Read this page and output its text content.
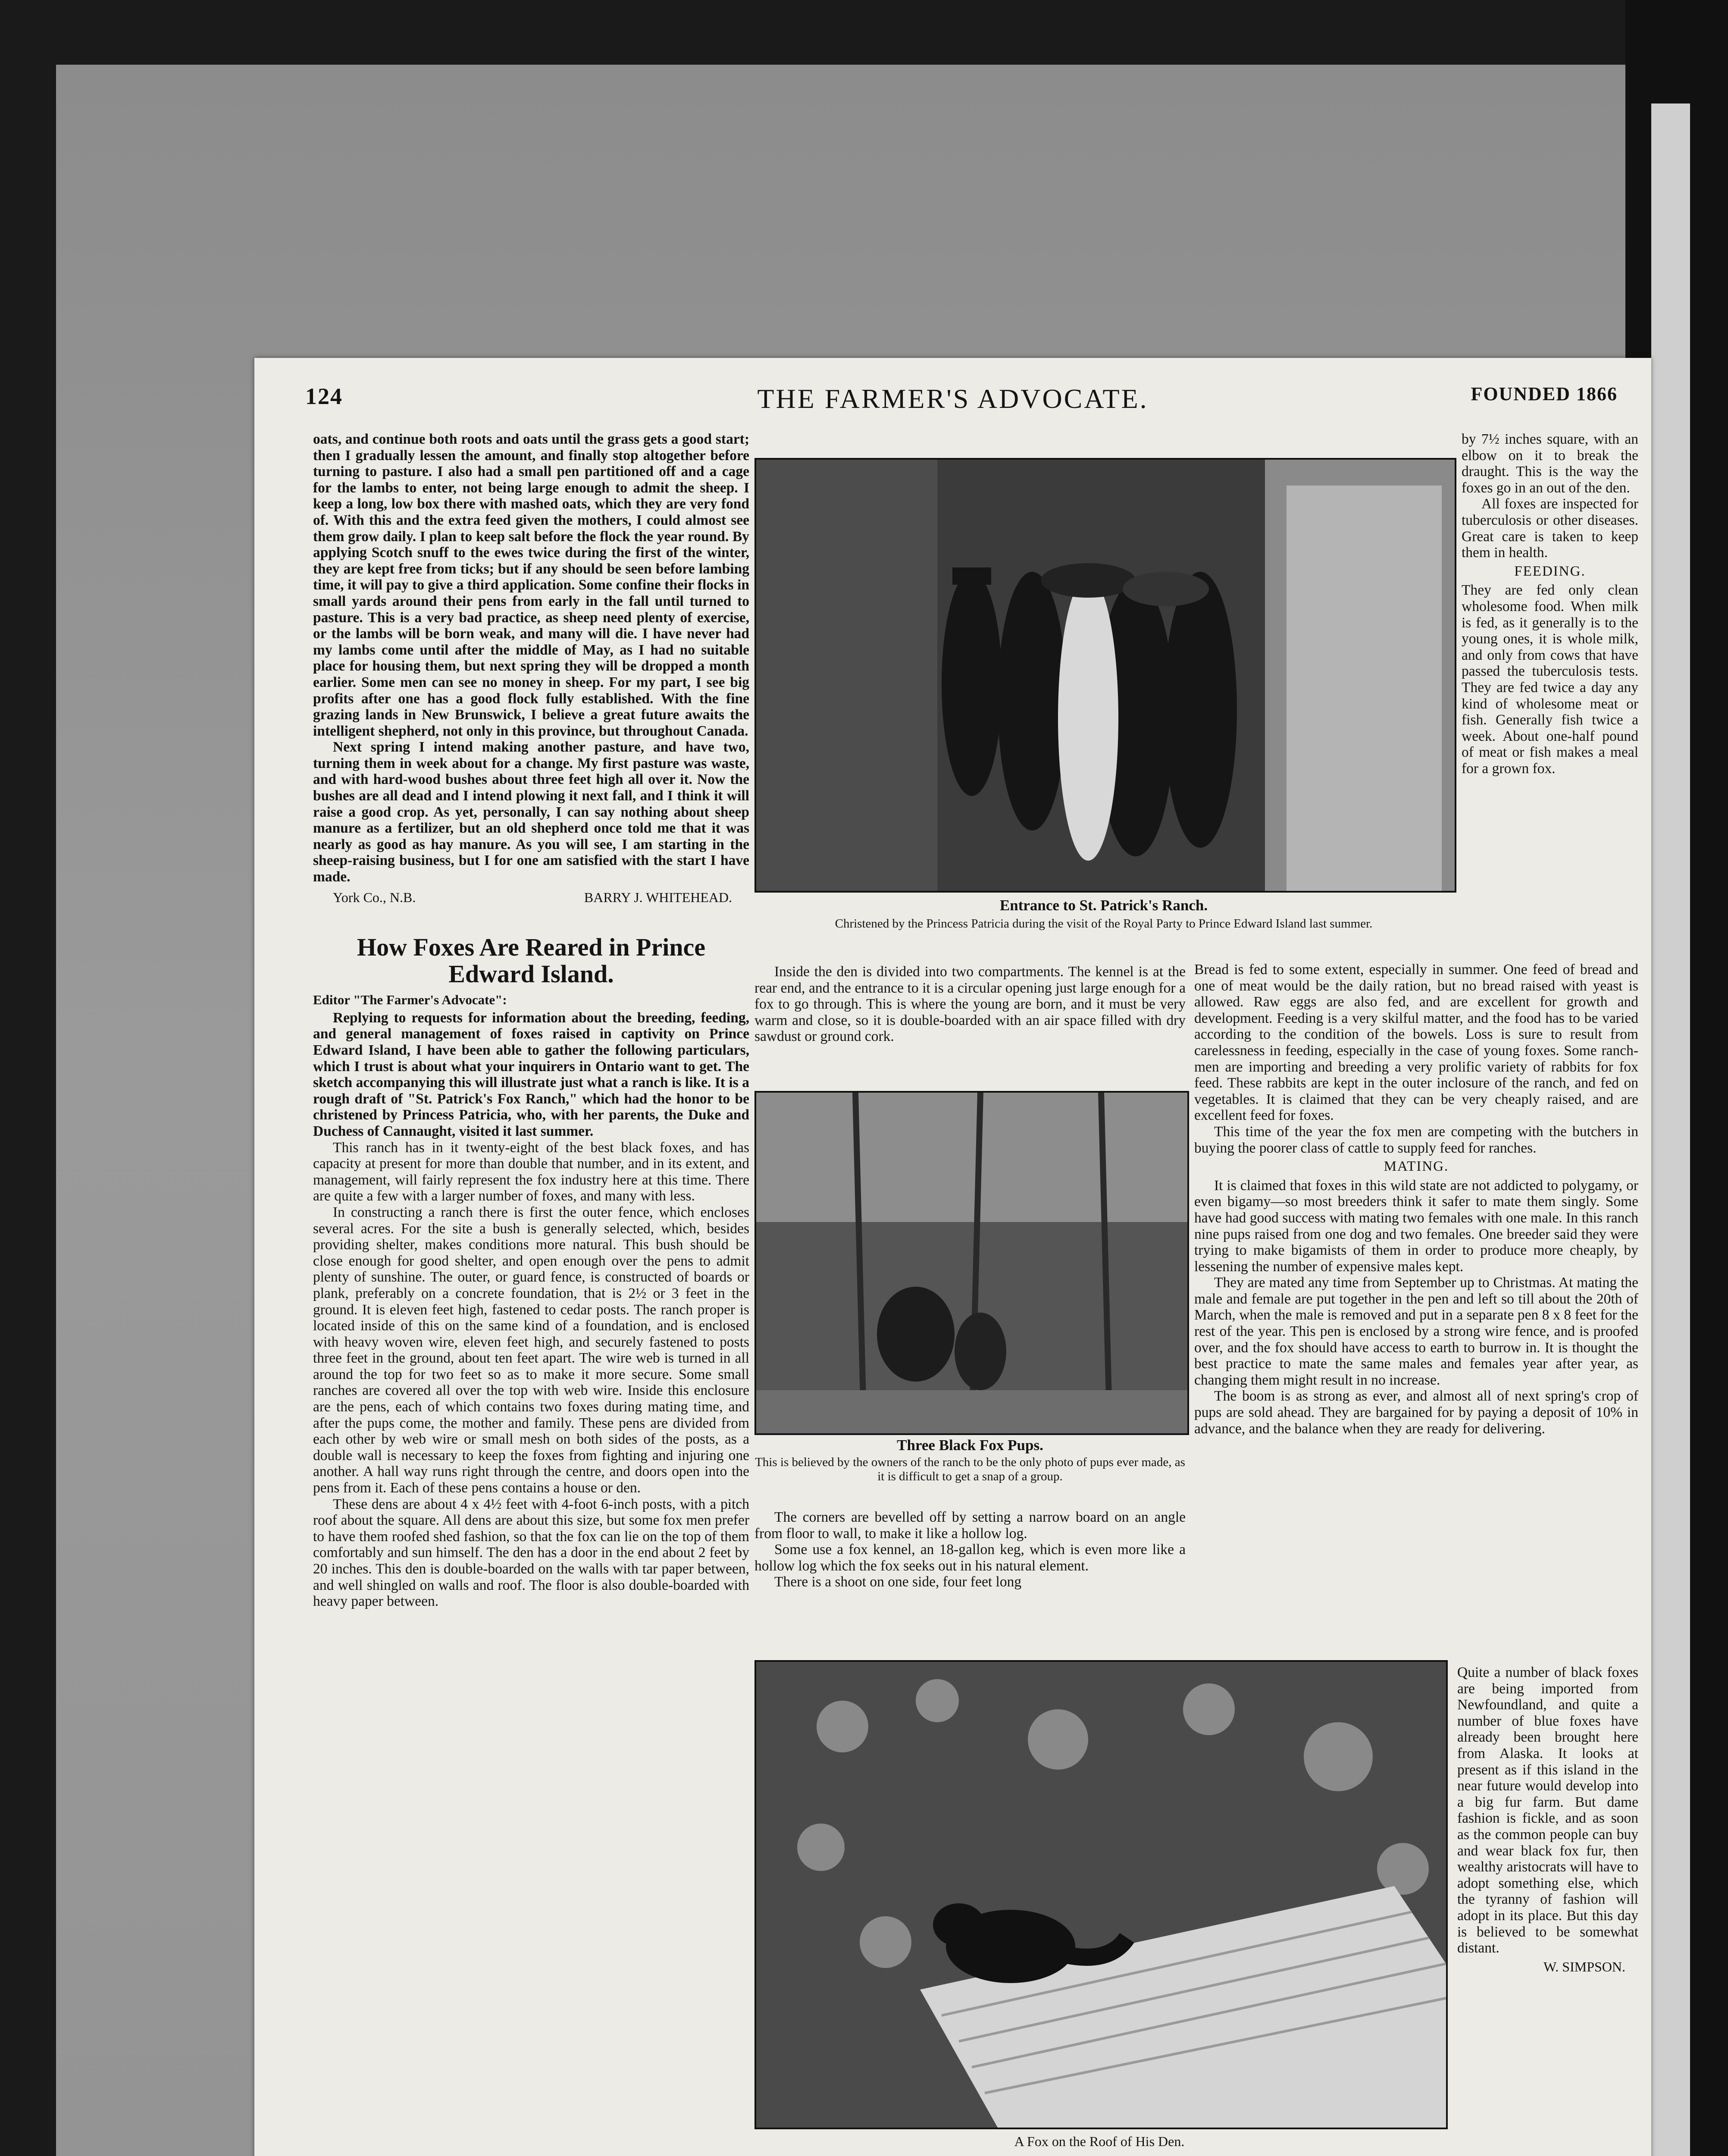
124	THE FARMER'S ADVOCATE.	FOUNDED 1866

oats, and continue both roots and oats until the grass gets a good start; then I gradually lessen the amount, and finally stop altogether before turning to pasture. I also had a small pen partitioned off and a cage for the lambs to enter, not being large enough to admit the sheep. I keep a long, low box there with mashed oats, which they are very fond of. With this and the extra feed given the mothers, I could almost see them grow daily. I plan to keep salt before the flock the year round. By applying Scotch snuff to the ewes twice during the first of the winter, they are kept free from ticks; but if any should be seen before lambing time, it will pay to give a third application. Some confine their flocks in small yards around their pens from early in the fall until turned to pasture. This is a very bad practice, as sheep need plenty of exercise, or the lambs will be born weak, and many will die. I have never had my lambs come until after the middle of May, as I had no suitable place for housing them, but next spring they will be dropped a month earlier. Some men can see no money in sheep. For my part, I see big profits after one has a good flock fully established. With the fine grazing lands in New Brunswick, I believe a great future awaits the intelligent shepherd, not only in this province, but throughout Canada.

Next spring I intend making another pasture, and have two, turning them in week about for a change. My first pasture was waste, and with hard-wood bushes about three feet high all over it. Now the bushes are all dead and I intend plowing it next fall, and I think it will raise a good crop. As yet, personally, I can say nothing about sheep manure as a fertilizer, but an old shepherd once told me that it was nearly as good as hay manure. As you will see, I am starting in the sheep-raising business, but I for one am satisfied with the start I have made.

York Co., N.B.	BARRY J. WHITEHEAD.
How Foxes Are Reared in Prince Edward Island.
Editor "The Farmer's Advocate":

Replying to requests for information about the breeding, feeding, and general management of foxes raised in captivity on Prince Edward Island, I have been able to gather the following particulars, which I trust is about what your inquirers in Ontario want to get. The sketch accompanying this will illustrate just what a ranch is like. It is a rough draft of "St. Patrick's Fox Ranch," which had the honor to be christened by Princess Patricia, who, with her parents, the Duke and Duchess of Cannaught, visited it last summer.

This ranch has in it twenty-eight of the best black foxes, and has capacity at present for more than double that number, and in its extent, and management, will fairly represent the fox industry here at this time. There are quite a few with a larger number of foxes, and many with less.

In constructing a ranch there is first the outer fence, which encloses several acres. For the site a bush is generally selected, which, besides providing shelter, makes conditions more natural. This bush should be close enough for good shelter, and open enough over the pens to admit plenty of sunshine. The outer, or guard fence, is constructed of boards or plank, preferably on a concrete foundation, that is 2½ or 3 feet in the ground. It is eleven feet high, fastened to cedar posts. The ranch proper is located inside of this on the same kind of a foundation, and is enclosed with heavy woven wire, eleven feet high, and securely fastened to posts three feet in the ground, about ten feet apart. The wire web is turned in all around the top for two feet so as to make it more secure. Some small ranches are covered all over the top with web wire. Inside this enclosure are the pens, each of which contains two foxes during mating time, and after the pups come, the mother and family. These pens are divided from each other by web wire or small mesh on both sides of the posts, as a double wall is necessary to keep the foxes from fighting and injuring one another. A hall way runs right through the centre, and doors open into the pens from it. Each of these pens contains a house or den.

These dens are about 4 x 4½ feet with 4-foot 6-inch posts, with a pitch roof about the square. All dens are about this size, but some fox men prefer to have them roofed shed fashion, so that the fox can lie on the top of them comfortably and sun himself. The den has a door in the end about 2 feet by 20 inches. This den is double-boarded on the walls with tar paper between, and well shingled on walls and roof. The floor is also double-boarded with heavy paper between.

Entrance to St. Patrick's Ranch.
Christened by the Princess Patricia during the visit of the Royal Party to Prince Edward Island last summer.

Inside the den is divided into two compartments. The kennel is at the rear end, and the entrance to it is a circular opening just large enough for a fox to go through. This is where the young are born, and it must be very warm and close, so it is double-boarded with an air space filled with dry sawdust or ground cork.

Three Black Fox Pups.
This is believed by the owners of the ranch to be the only photo of pups ever made, as it is difficult to get a snap of a group.

The corners are bevelled off by setting a narrow board on an angle from floor to wall, to make it like a hollow log.

Some use a fox kennel, an 18-gallon keg, which is even more like a hollow log which the fox seeks out in his natural element.

There is a shoot on one side, four feet long

by 7½ inches square, with an elbow on it to break the draught. This is the way the foxes go in an out of the den.

All foxes are inspected for tuberculosis or other diseases. Great care is taken to keep them in health.

FEEDING.

They are fed only clean wholesome food. When milk is fed, as it generally is to the young ones, it is whole milk, and only from cows that have passed the tuberculosis tests. They are fed twice a day any kind of wholesome meat or fish. Generally fish twice a week. About one-half pound of meat or fish makes a meal for a grown fox.

Bread is fed to some extent, especially in summer. One feed of bread and one of meat would be the daily ration, but no bread raised with yeast is allowed. Raw eggs are also fed, and are excellent for growth and development. Feeding is a very skilful matter, and the food has to be varied according to the condition of the bowels. Loss is sure to result from carelessness in feeding, especially in the case of young foxes. Some ranch-men are importing and breeding a very prolific variety of rabbits for fox feed. These rabbits are kept in the outer inclosure of the ranch, and fed on vegetables. It is claimed that they can be very cheaply raised, and are excellent feed for foxes.

This time of the year the fox men are competing with the butchers in buying the poorer class of cattle to supply feed for ranches.

MATING.

It is claimed that foxes in this wild state are not addicted to polygamy, or even bigamy—so most breeders think it safer to mate them singly. Some have had good success with mating two females with one male. In this ranch nine pups raised from one dog and two females. One breeder said they were trying to make bigamists of them in order to produce more cheaply, by lessening the number of expensive males kept.

They are mated any time from September up to Christmas. At mating the male and female are put together in the pen and left so till about the 20th of March, when the male is removed and put in a separate pen 8 x 8 feet for the rest of the year. This pen is enclosed by a strong wire fence, and is proofed over, and the fox should have access to earth to burrow in. It is thought the best practice to mate the same males and females year after year, as changing them might result in no increase.

The boom is as strong as ever, and almost all of next spring's crop of pups are sold ahead. They are bargained for by paying a deposit of 10% in advance, and the balance when they are ready for delivering.

A Fox on the Roof of His Den.

Quite a number of black foxes are being imported from Newfoundland, and quite a number of blue foxes have already been brought here from Alaska. It looks at present as if this island in the near future would develop into a big fur farm. But dame fashion is fickle, and as soon as the common people can buy and wear black fox fur, then wealthy aristocrats will have to adopt something else, which the tyranny of fashion will adopt in its place. But this day is believed to be somewhat distant.

W. SIMPSON.
